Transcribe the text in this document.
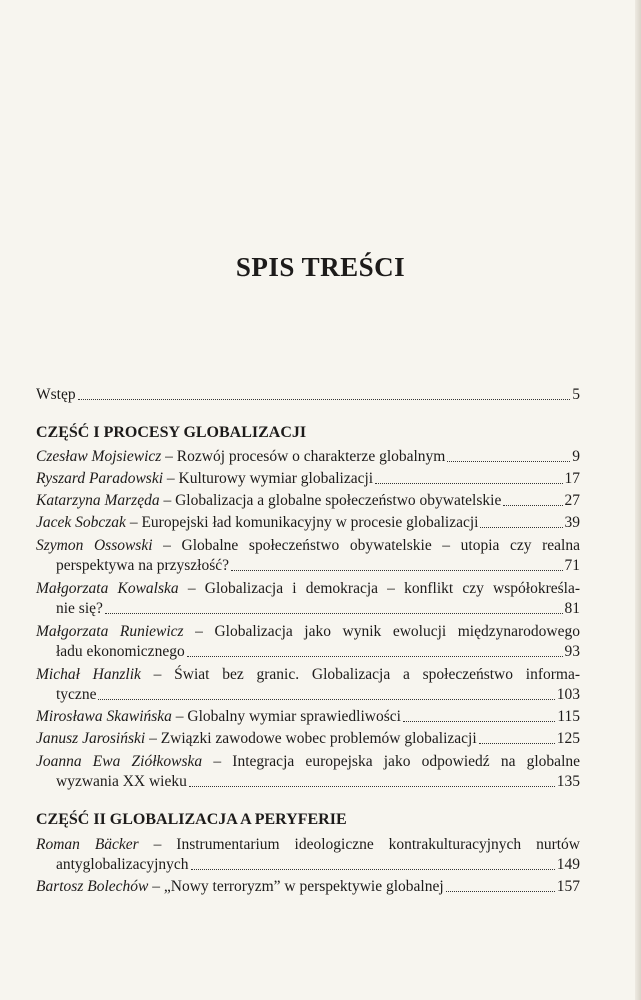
SPIS TREŚCI
Wstęp	5
CZĘŚĆ I PROCESY GLOBALIZACJI
Czesław Mojsiewicz – Rozwój procesów o charakterze globalnym	9
Ryszard Paradowski – Kulturowy wymiar globalizacji	17
Katarzyna Marzęda – Globalizacja a globalne społeczeństwo obywatelskie	27
Jacek Sobczak – Europejski ład komunikacyjny w procesie globalizacji	39
Szymon Ossowski – Globalne społeczeństwo obywatelskie – utopia czy realna
perspektywa na przyszłość?	71
Małgorzata Kowalska – Globalizacja i demokracja – konflikt czy współokreśla-
nie się?	81
Małgorzata Runiewicz – Globalizacja jako wynik ewolucji międzynarodowego
ładu ekonomicznego	93
Michał Hanzlik – Świat bez granic. Globalizacja a społeczeństwo informa-
tyczne	103
Mirosława Skawińska – Globalny wymiar sprawiedliwości	115
Janusz Jarosiński – Związki zawodowe wobec problemów globalizacji	125
Joanna Ewa Ziółkowska – Integracja europejska jako odpowiedź na globalne
wyzwania XX wieku	135
CZĘŚĆ II GLOBALIZACJA A PERYFERIE
Roman Bäcker – Instrumentarium ideologiczne kontrakulturacyjnych nurtów
antyglobalizacyjnych	149
Bartosz Bolechów – „Nowy terroryzm” w perspektywie globalnej	157
